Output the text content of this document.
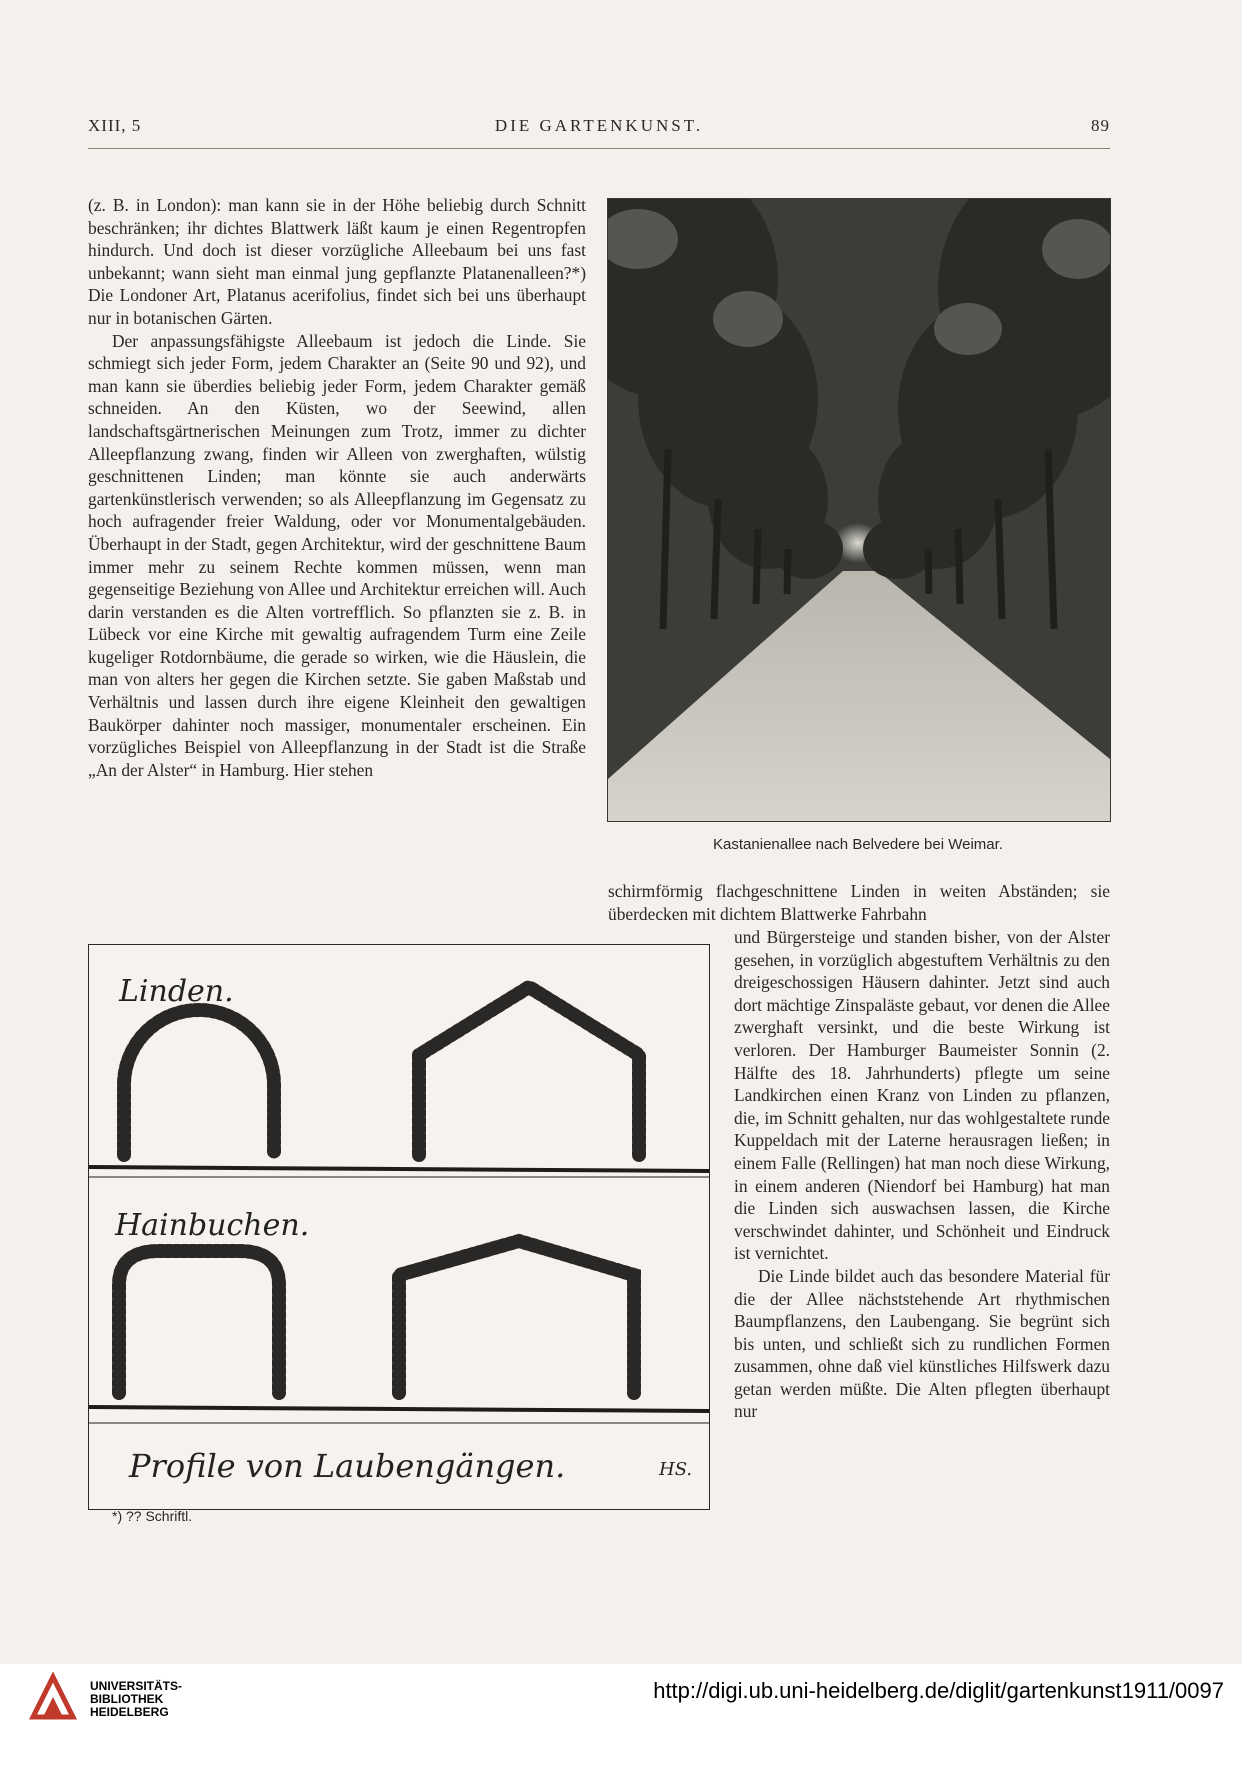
XIII, 5	DIE GARTENKUNST.	89

(z. B. in London): man kann sie in der Höhe beliebig durch Schnitt beschränken; ihr dichtes Blattwerk läßt kaum je einen Regentropfen hindurch. Und doch ist dieser vorzügliche Alleebaum bei uns fast unbekannt; wann sieht man einmal jung gepflanzte Platanenalleen?*) Die Londoner Art, Platanus acerifolius, findet sich bei uns überhaupt nur in botanischen Gärten.

Der anpassungsfähigste Alleebaum ist jedoch die Linde. Sie schmiegt sich jeder Form, jedem Charakter an (Seite 90 und 92), und man kann sie überdies beliebig jeder Form, jedem Charakter gemäß schneiden. An den Küsten, wo der Seewind, allen landschaftsgärtnerischen Meinungen zum Trotz, immer zu dichter Alleepflanzung zwang, finden wir Alleen von zwerghaften, wülstig geschnittenen Linden; man könnte sie auch anderwärts gartenkünstlerisch verwenden; so als Alleepflanzung im Gegensatz zu hoch aufragender freier Waldung, oder vor Monumentalgebäuden. Überhaupt in der Stadt, gegen Architektur, wird der geschnittene Baum immer mehr zu seinem Rechte kommen müssen, wenn man gegenseitige Beziehung von Allee und Architektur erreichen will. Auch darin verstanden es die Alten vortrefflich. So pflanzten sie z. B. in Lübeck vor eine Kirche mit gewaltig aufragendem Turm eine Zeile kugeliger Rotdornbäume, die gerade so wirken, wie die Häuslein, die man von alters her gegen die Kirchen setzte. Sie gaben Maßstab und Verhältnis und lassen durch ihre eigene Kleinheit den gewaltigen Baukörper dahinter noch massiger, monumentaler erscheinen. Ein vorzügliches Beispiel von Alleepflanzung in der Stadt ist die Straße „An der Alster“ in Hamburg. Hier stehen

Kastanienallee nach Belvedere bei Weimar.

schirmförmig flachgeschnittene Linden in weiten Abständen; sie überdecken mit dichtem Blattwerke Fahrbahn

und Bürgersteige und standen bisher, von der Alster gesehen, in vorzüglich abgestuftem Verhältnis zu den dreigeschossigen Häusern dahinter. Jetzt sind auch dort mächtige Zinspaläste gebaut, vor denen die Allee zwerghaft versinkt, und die beste Wirkung ist verloren. Der Hamburger Baumeister Sonnin (2. Hälfte des 18. Jahrhunderts) pflegte um seine Landkirchen einen Kranz von Linden zu pflanzen, die, im Schnitt gehalten, nur das wohlgestaltete runde Kuppeldach mit der Laterne herausragen ließen; in einem Falle (Rellingen) hat man noch diese Wirkung, in einem anderen (Niendorf bei Hamburg) hat man die Linden sich auswachsen lassen, die Kirche verschwindet dahinter, und Schönheit und Eindruck ist vernichtet.

Die Linde bildet auch das besondere Material für die der Allee nächststehende Art rhythmischen Baumpflanzens, den Laubengang. Sie begrünt sich bis unten, und schließt sich zu rundlichen Formen zusammen, ohne daß viel künstliches Hilfswerk dazu getan werden müßte. Die Alten pflegten überhaupt nur

Linden.
Hainbuchen.
Profile von Laubengängen.	HS.
*) ?? Schriftl.
UNIVERSITÄTS-
BIBLIOTHEK
HEIDELBERG
http://digi.ub.uni-heidelberg.de/diglit/gartenkunst1911/0097
